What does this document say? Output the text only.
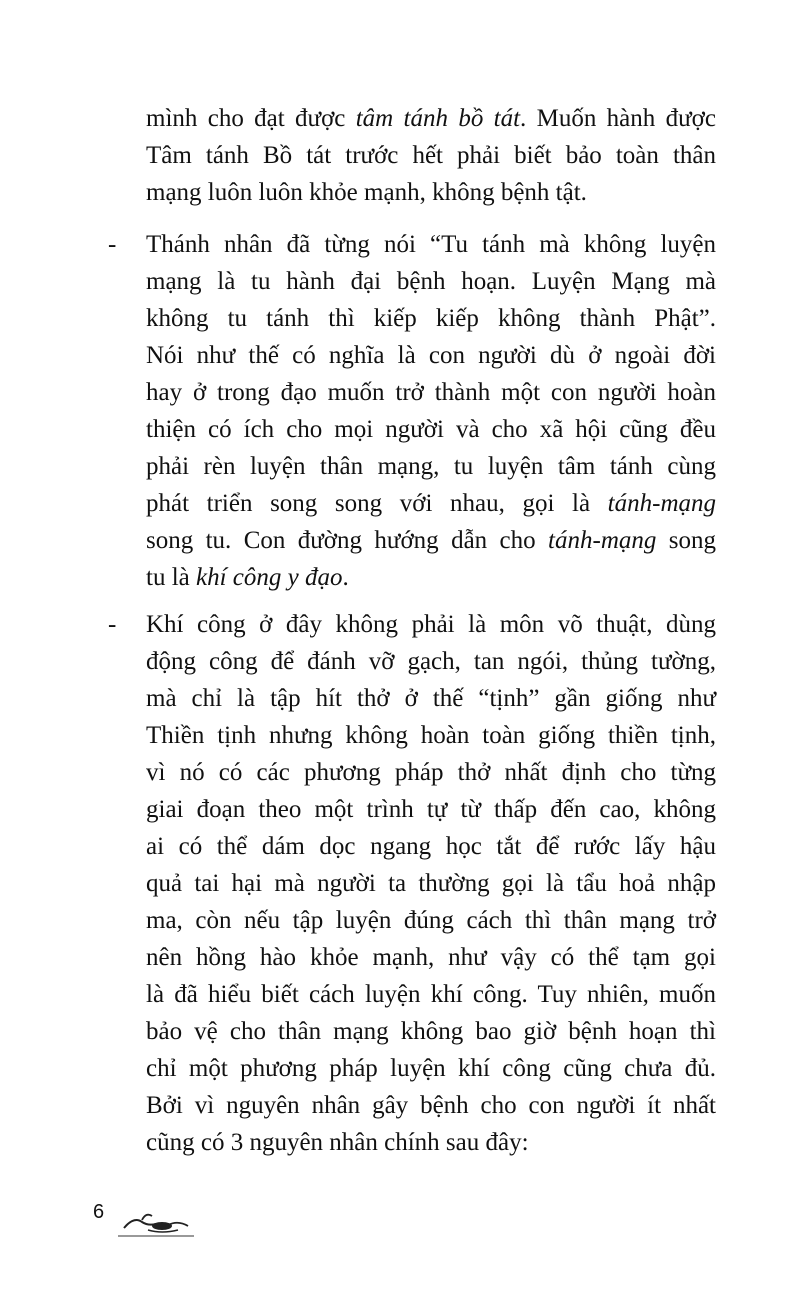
mình cho đạt được tâm tánh bồ tát. Muốn hành được
Tâm tánh Bồ tát trước hết phải biết bảo toàn thân
mạng luôn luôn khỏe mạnh, không bệnh tật.

- Thánh nhân đã từng nói “Tu tánh mà không luyện
mạng là tu hành đại bệnh hoạn. Luyện Mạng mà
không tu tánh thì kiếp kiếp không thành Phật”.
Nói như thế có nghĩa là con người dù ở ngoài đời
hay ở trong đạo muốn trở thành một con người hoàn
thiện có ích cho mọi người và cho xã hội cũng đều
phải rèn luyện thân mạng, tu luyện tâm tánh cùng
phát triển song song với nhau, gọi là tánh-mạng
song tu. Con đường hướng dẫn cho tánh-mạng song
tu là khí công y đạo.

- Khí công ở đây không phải là môn võ thuật, dùng
động công để đánh vỡ gạch, tan ngói, thủng tường,
mà chỉ là tập hít thở ở thế “tịnh” gần giống như
Thiền tịnh nhưng không hoàn toàn giống thiền tịnh,
vì nó có các phương pháp thở nhất định cho từng
giai đoạn theo một trình tự từ thấp đến cao, không
ai có thể dám dọc ngang học tắt để rước lấy hậu
quả tai hại mà người ta thường gọi là tẩu hoả nhập
ma, còn nếu tập luyện đúng cách thì thân mạng trở
nên hồng hào khỏe mạnh, như vậy có thể tạm gọi
là đã hiểu biết cách luyện khí công. Tuy nhiên, muốn
bảo vệ cho thân mạng không bao giờ bệnh hoạn thì
chỉ một phương pháp luyện khí công cũng chưa đủ.
Bởi vì nguyên nhân gây bệnh cho con người ít nhất
cũng có 3 nguyên nhân chính sau đây:

6
